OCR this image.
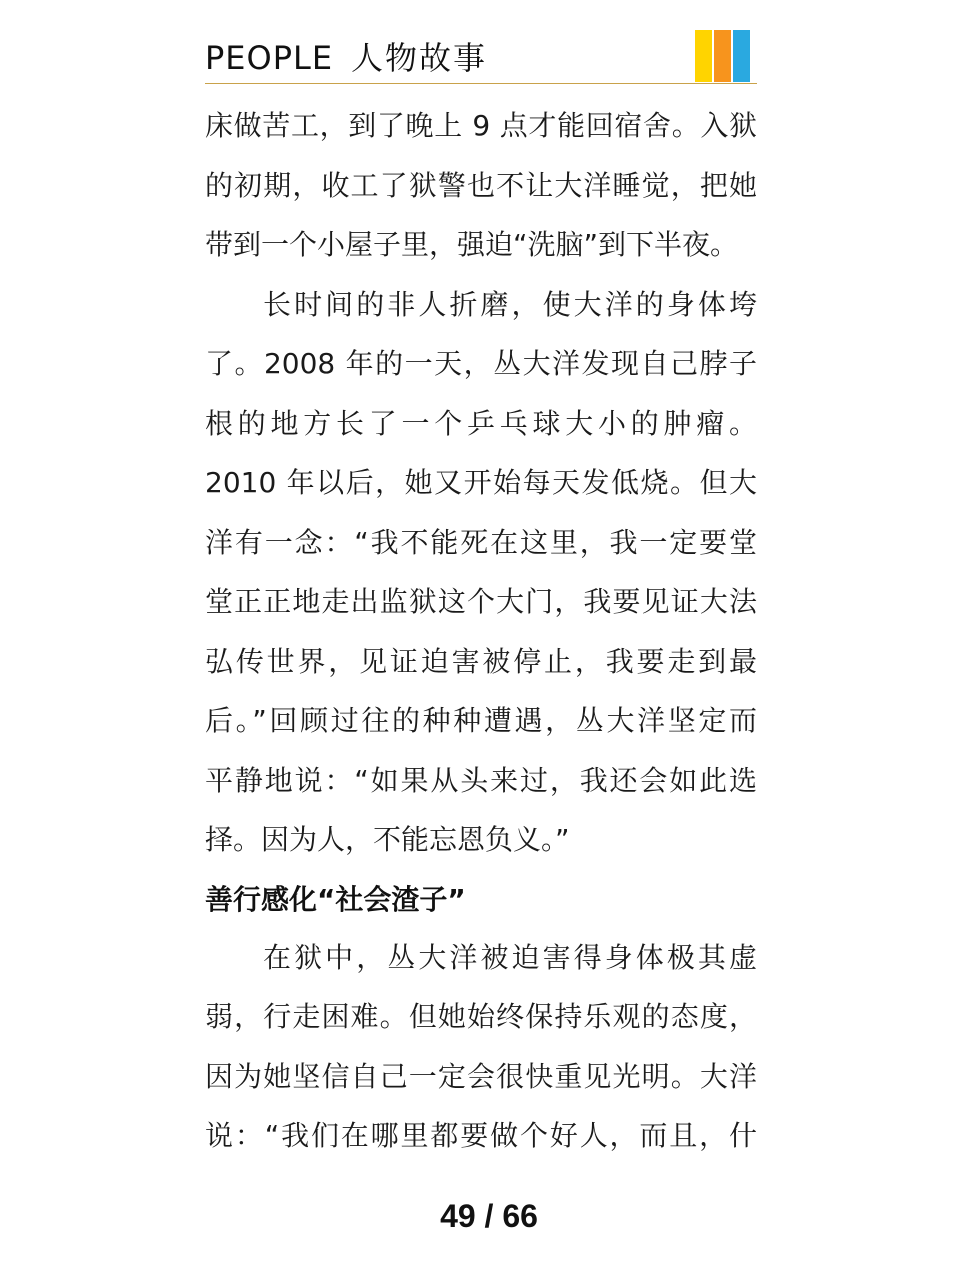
PEOPLE 人物故事
床做苦工，到了晚上 9 点才能回宿舍。入狱
的初期，收工了狱警也不让大洋睡觉，把她
带到一个小屋子里，强迫“洗脑”到下半夜。
长时间的非人折磨，使大洋的身体垮
了。2008 年的一天，丛大洋发现自己脖子
根的地方长了一个乒乓球大小的肿瘤。
2010 年以后，她又开始每天发低烧。但大
洋有一念：“我不能死在这里，我一定要堂
堂正正地走出监狱这个大门，我要见证大法
弘传世界，见证迫害被停止，我要走到最
后。”回顾过往的种种遭遇，丛大洋坚定而
平静地说：“如果从头来过，我还会如此选
择。因为人，不能忘恩负义。”
善行感化“社会渣子”
在狱中，丛大洋被迫害得身体极其虚
弱，行走困难。但她始终保持乐观的态度，
因为她坚信自己一定会很快重见光明。大洋
说：“我们在哪里都要做个好人，而且，什
49 / 66
